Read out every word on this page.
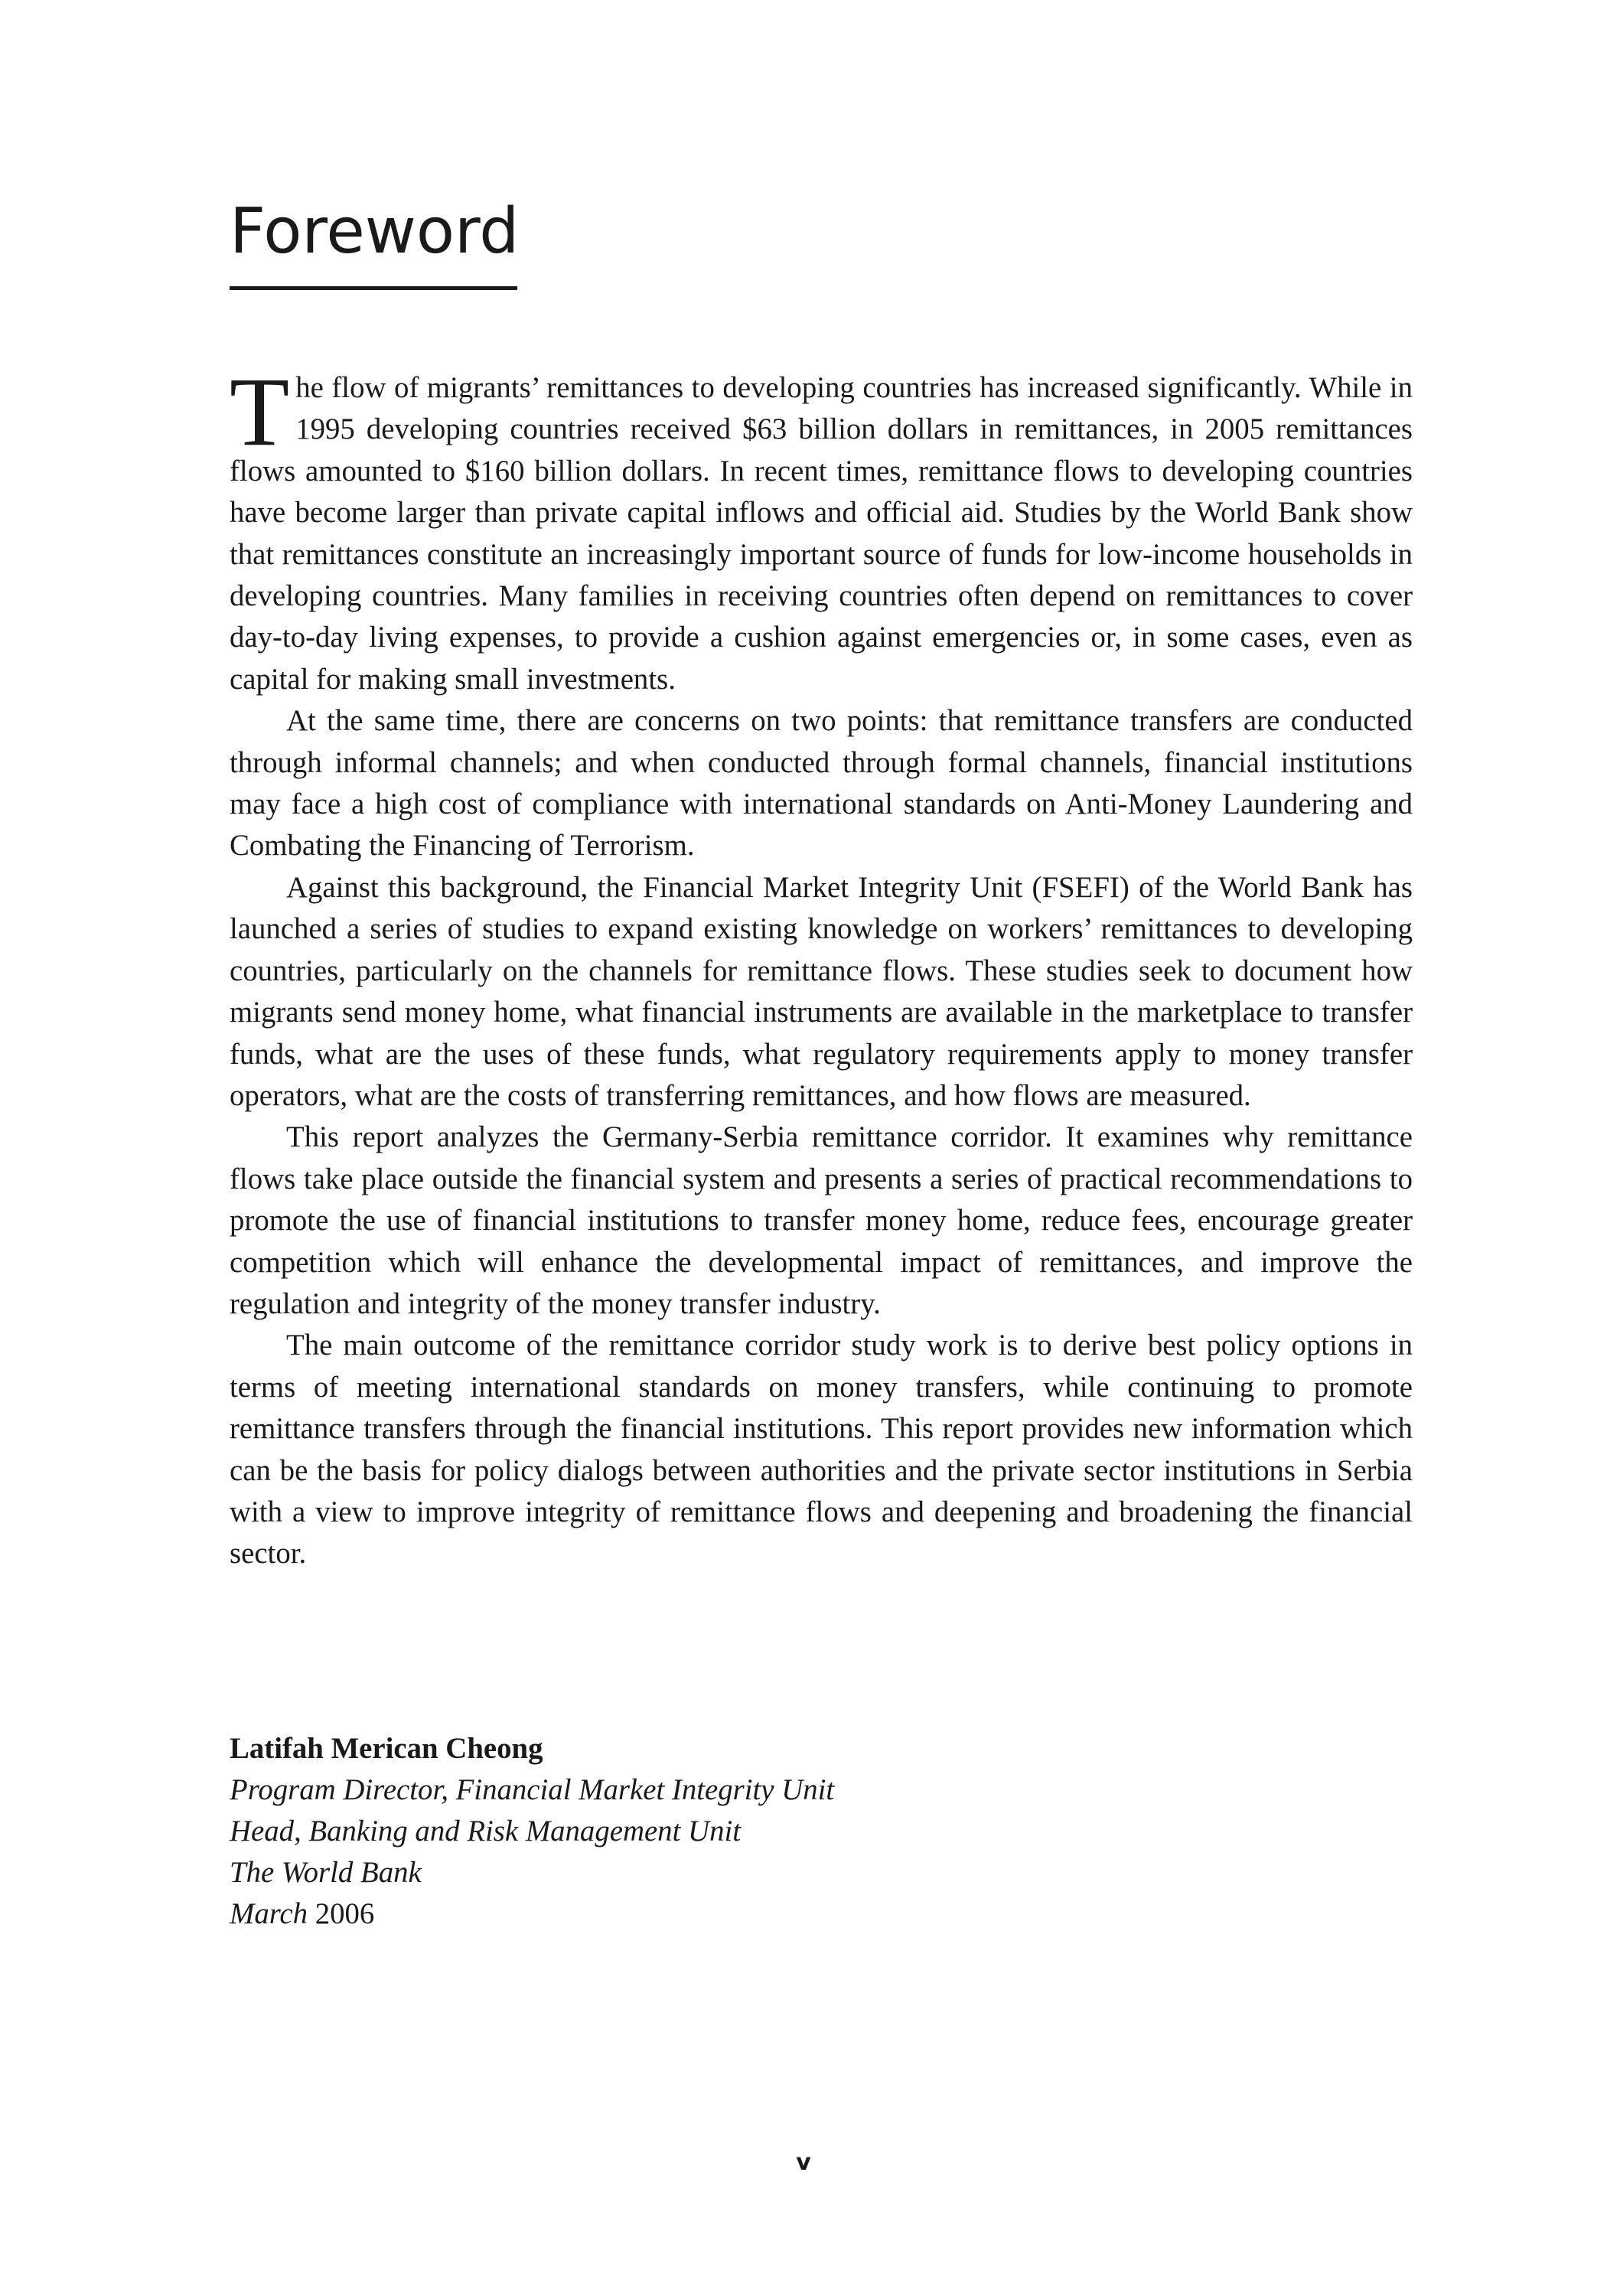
Foreword

The flow of migrants’ remittances to developing countries has increased significantly. While in 1995 developing countries received $63 billion dollars in remittances, in 2005 remittances flows amounted to $160 billion dollars. In recent times, remittance flows to developing countries have become larger than private capital inflows and official aid. Studies by the World Bank show that remittances constitute an increasingly important source of funds for low-income households in developing countries. Many families in receiving countries often depend on remittances to cover day-to-day living expenses, to provide a cushion against emergencies or, in some cases, even as capital for making small investments.

At the same time, there are concerns on two points: that remittance transfers are conducted through informal channels; and when conducted through formal channels, financial institutions may face a high cost of compliance with international standards on Anti-Money Laundering and Combating the Financing of Terrorism.

Against this background, the Financial Market Integrity Unit (FSEFI) of the World Bank has launched a series of studies to expand existing knowledge on workers’ remittances to developing countries, particularly on the channels for remittance flows. These studies seek to document how migrants send money home, what financial instruments are available in the marketplace to transfer funds, what are the uses of these funds, what regulatory requirements apply to money transfer operators, what are the costs of transferring remittances, and how flows are measured.

This report analyzes the Germany-Serbia remittance corridor. It examines why remittance flows take place outside the financial system and presents a series of practical recommendations to promote the use of financial institutions to transfer money home, reduce fees, encourage greater competition which will enhance the developmental impact of remittances, and improve the regulation and integrity of the money transfer industry.

The main outcome of the remittance corridor study work is to derive best policy options in terms of meeting international standards on money transfers, while continuing to promote remittance transfers through the financial institutions. This report provides new information which can be the basis for policy dialogs between authorities and the private sector institutions in Serbia with a view to improve integrity of remittance flows and deepening and broadening the financial sector.

Latifah Merican Cheong
Program Director, Financial Market Integrity Unit
Head, Banking and Risk Management Unit
The World Bank
March 2006
v
